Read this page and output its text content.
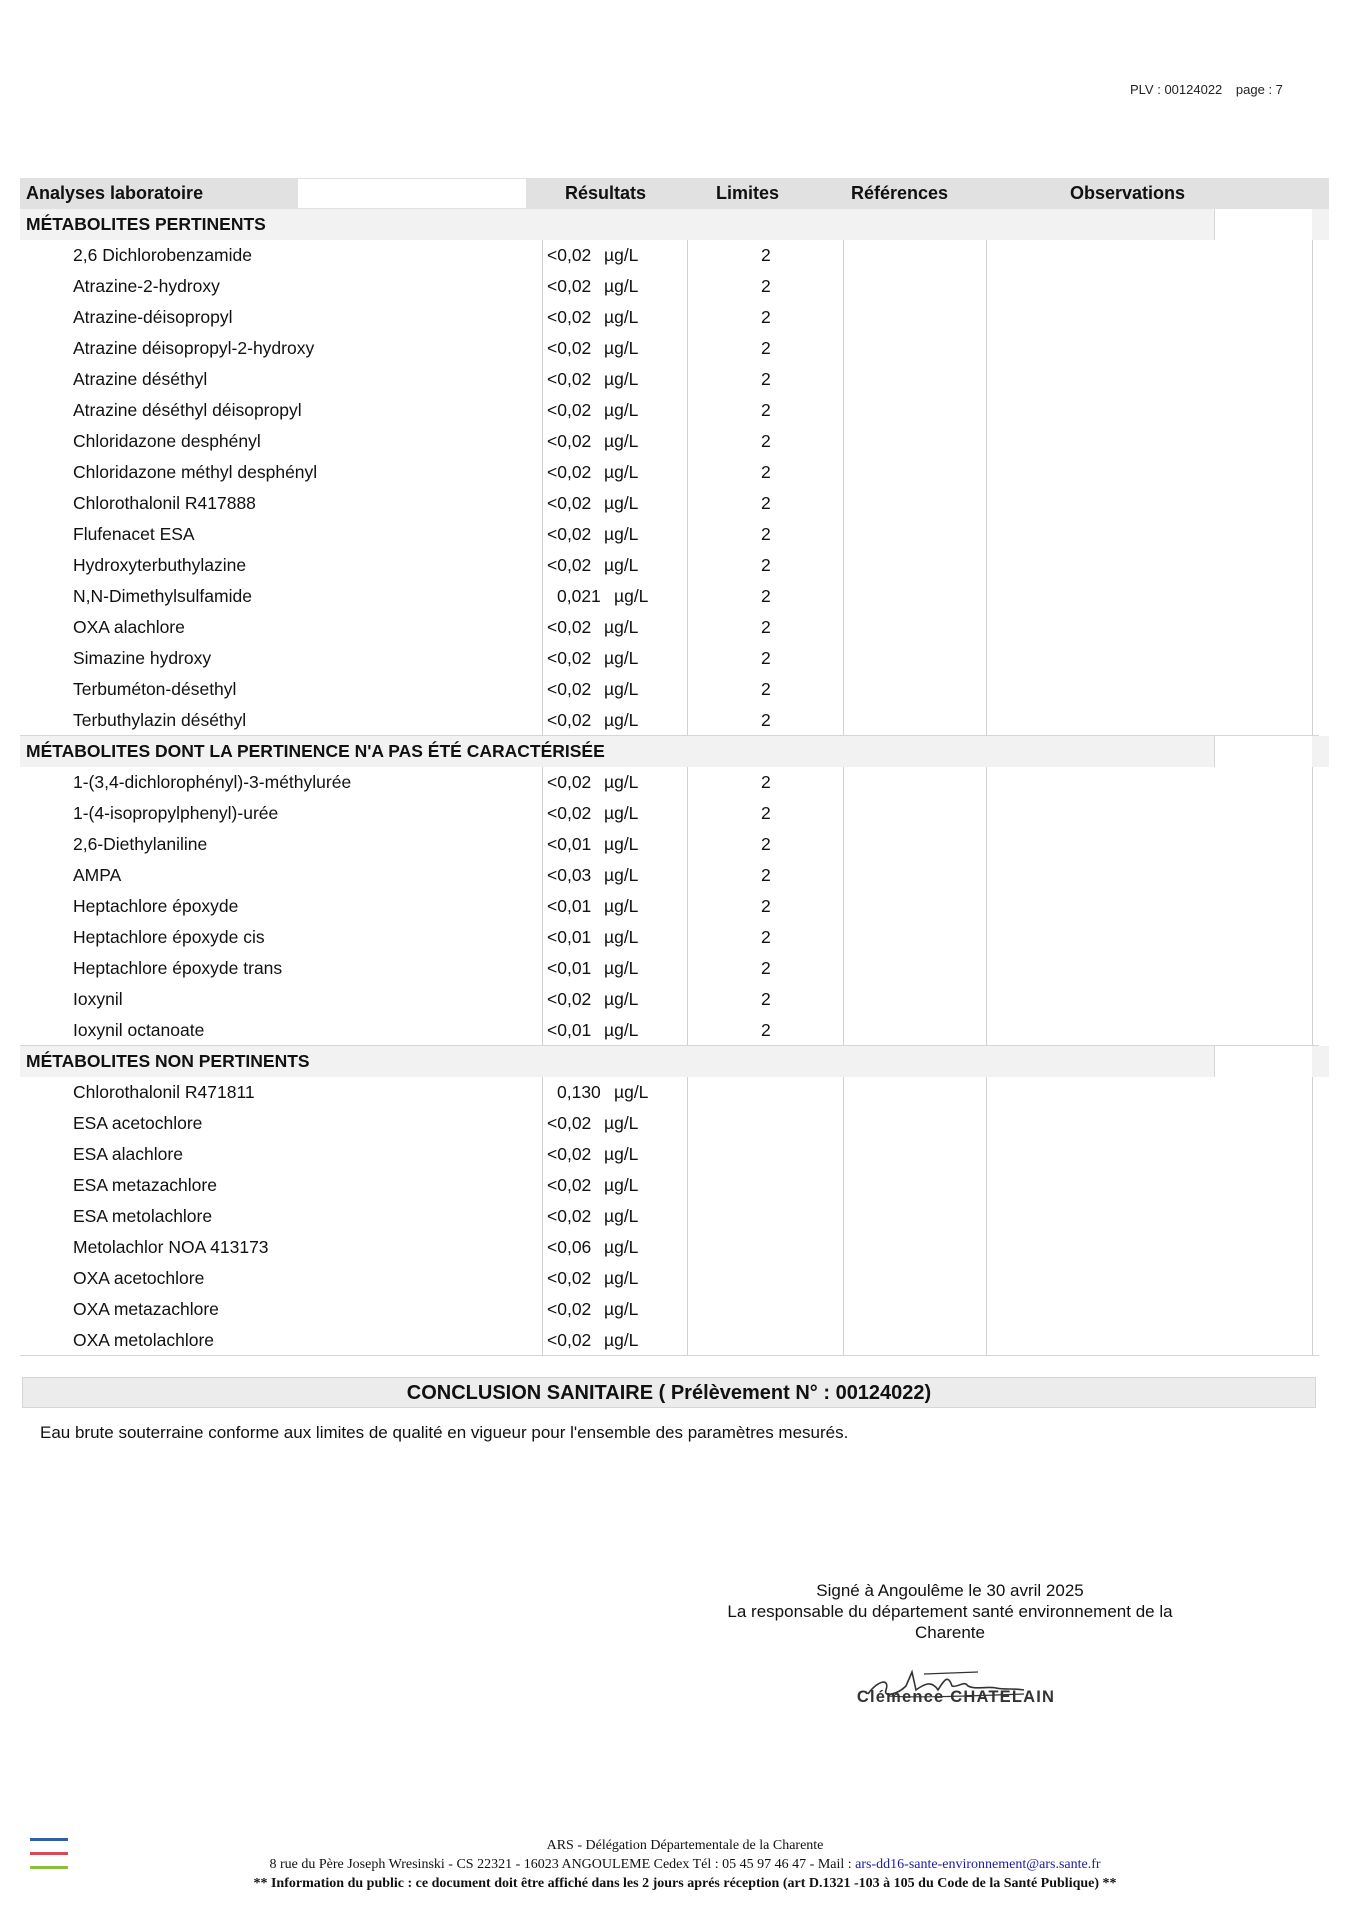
PLV : 00124022 page : 7
Analyses laboratoire	Résultats	Limites	Références	Observations
MÉTABOLITES PERTINENTS
2,6 Dichlorobenzamide	<0,02 µg/L	2
Atrazine-2-hydroxy	<0,02 µg/L	2
Atrazine-déisopropyl	<0,02 µg/L	2
Atrazine déisopropyl-2-hydroxy	<0,02 µg/L	2
Atrazine déséthyl	<0,02 µg/L	2
Atrazine déséthyl déisopropyl	<0,02 µg/L	2
Chloridazone desphényl	<0,02 µg/L	2
Chloridazone méthyl desphényl	<0,02 µg/L	2
Chlorothalonil R417888	<0,02 µg/L	2
Flufenacet ESA	<0,02 µg/L	2
Hydroxyterbuthylazine	<0,02 µg/L	2
N,N-Dimethylsulfamide	0,021 µg/L	2
OXA alachlore	<0,02 µg/L	2
Simazine hydroxy	<0,02 µg/L	2
Terbuméton-désethyl	<0,02 µg/L	2
Terbuthylazin déséthyl	<0,02 µg/L	2
MÉTABOLITES DONT LA PERTINENCE N'A PAS ÉTÉ CARACTÉRISÉE
1-(3,4-dichlorophényl)-3-méthylurée	<0,02 µg/L	2
1-(4-isopropylphenyl)-urée	<0,02 µg/L	2
2,6-Diethylaniline	<0,01 µg/L	2
AMPA	<0,03 µg/L	2
Heptachlore époxyde	<0,01 µg/L	2
Heptachlore époxyde cis	<0,01 µg/L	2
Heptachlore époxyde trans	<0,01 µg/L	2
Ioxynil	<0,02 µg/L	2
Ioxynil octanoate	<0,01 µg/L	2
MÉTABOLITES NON PERTINENTS
Chlorothalonil R471811	0,130 µg/L
ESA acetochlore	<0,02 µg/L
ESA alachlore	<0,02 µg/L
ESA metazachlore	<0,02 µg/L
ESA metolachlore	<0,02 µg/L
Metolachlor NOA 413173	<0,06 µg/L
OXA acetochlore	<0,02 µg/L
OXA metazachlore	<0,02 µg/L
OXA metolachlore	<0,02 µg/L
CONCLUSION SANITAIRE ( Prélèvement N° : 00124022)
Eau brute souterraine conforme aux limites de qualité en vigueur pour l'ensemble des paramètres mesurés.
Signé à Angoulême le 30 avril 2025
La responsable du département santé environnement de la
Charente
Clémence CHATELAIN
ARS - Délégation Départementale de la Charente
8 rue du Père Joseph Wresinski - CS 22321 - 16023 ANGOULEME Cedex Tél : 05 45 97 46 47 - Mail : ars-dd16-sante-environnement@ars.sante.fr
** Information du public : ce document doit être affiché dans les 2 jours aprés réception (art D.1321 -103 à 105 du Code de la Santé Publique) **
